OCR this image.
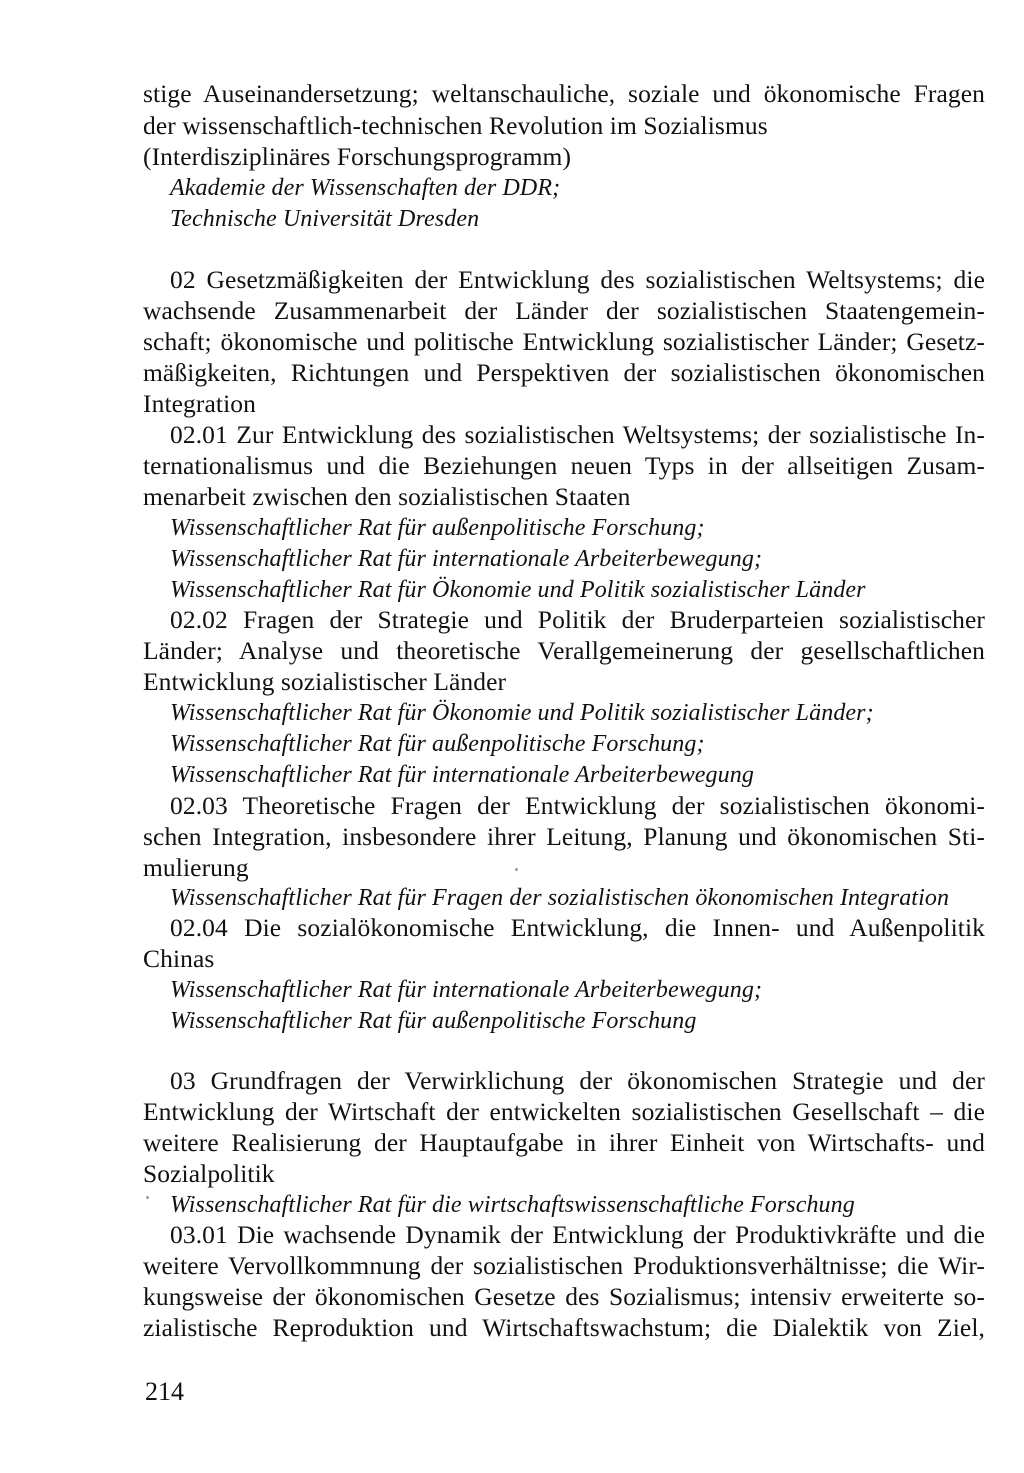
stige Auseinandersetzung; weltanschauliche, soziale und ökonomische Fragen
der wissenschaftlich-technischen Revolution im Sozialismus
(Interdisziplinäres Forschungsprogramm)
Akademie der Wissenschaften der DDR;
Technische Universität Dresden
02 Gesetzmäßigkeiten der Entwicklung des sozialistischen Weltsystems; die
wachsende Zusammenarbeit der Länder der sozialistischen Staatengemein-
schaft; ökonomische und politische Entwicklung sozialistischer Länder; Gesetz-
mäßigkeiten, Richtungen und Perspektiven der sozialistischen ökonomischen
Integration
02.01 Zur Entwicklung des sozialistischen Weltsystems; der sozialistische In-
ternationalismus und die Beziehungen neuen Typs in der allseitigen Zusam-
menarbeit zwischen den sozialistischen Staaten
Wissenschaftlicher Rat für außenpolitische Forschung;
Wissenschaftlicher Rat für internationale Arbeiterbewegung;
Wissenschaftlicher Rat für Ökonomie und Politik sozialistischer Länder
02.02 Fragen der Strategie und Politik der Bruderparteien sozialistischer
Länder; Analyse und theoretische Verallgemeinerung der gesellschaftlichen
Entwicklung sozialistischer Länder
Wissenschaftlicher Rat für Ökonomie und Politik sozialistischer Länder;
Wissenschaftlicher Rat für außenpolitische Forschung;
Wissenschaftlicher Rat für internationale Arbeiterbewegung
02.03 Theoretische Fragen der Entwicklung der sozialistischen ökonomi-
schen Integration, insbesondere ihrer Leitung, Planung und ökonomischen Sti-
mulierung
Wissenschaftlicher Rat für Fragen der sozialistischen ökonomischen Integration
02.04 Die sozialökonomische Entwicklung, die Innen- und Außenpolitik
Chinas
Wissenschaftlicher Rat für internationale Arbeiterbewegung;
Wissenschaftlicher Rat für außenpolitische Forschung
03 Grundfragen der Verwirklichung der ökonomischen Strategie und der
Entwicklung der Wirtschaft der entwickelten sozialistischen Gesellschaft – die
weitere Realisierung der Hauptaufgabe in ihrer Einheit von Wirtschafts- und
Sozialpolitik
Wissenschaftlicher Rat für die wirtschaftswissenschaftliche Forschung
03.01 Die wachsende Dynamik der Entwicklung der Produktivkräfte und die
weitere Vervollkommnung der sozialistischen Produktionsverhältnisse; die Wir-
kungsweise der ökonomischen Gesetze des Sozialismus; intensiv erweiterte so-
zialistische Reproduktion und Wirtschaftswachstum; die Dialektik von Ziel,
214
